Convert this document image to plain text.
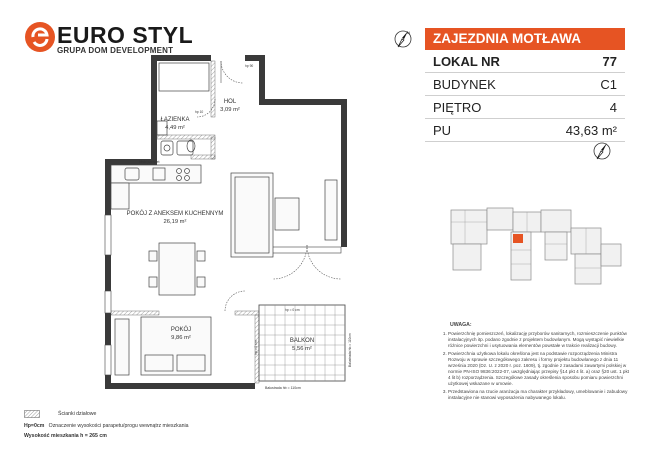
EURO STYL
GRUPA DOM DEVELOPMENT
N	ZAJEZDNIA MOTŁAWA
LOKAL NR	77
BUDYNEK	C1
PIĘTRO	4
PU	43,63 m²
UWAGA:
1. Powierzchnię pomieszczeń, lokalizację przyborów sanitarnych, rozmieszczenie punktów instalacyjnych itp. podano zgodnie z projektem budowlanym. Mogą wystąpić niewielkie różnice powierzchni i usytuowania elementów powstałe w trakcie realizacji budowy.
2. Powierzchnia użytkowa lokalu określona jest na podstawie rozporządzenia Ministra Rozwoju w sprawie szczegółowego zakresu i formy projektu budowlanego z dnia 11 września 2020 (Dz. U. z 2020 r. poz. 1609), tj. zgodnie z zasadami zawartymi polskiej w normie PN-ISO 9836:2022-07, uwzględniając przepisy §14 pkt 4 lit. a) oraz §20 ust. 1 pkt 4 lit b) rozporządzenia. Szczegółowe zasady określenia sposobu pomiaru powierzchni użytkowej wskazane w umowie.
3. Przedstawiona na rzucie aranżacja ma charakter przykładowy, umeblowanie i zabudowy instalacyjne nie stanowi wyposażenia nabywanego lokalu.
ŁAZIENKA
4,49 m²
HOL
3,09 m²
POKÓJ Z ANEKSEM KUCHENNYM
26,19 m²
POKÓJ
9,86 m²	BALKON
5,56 m²
Niski parapet
hp = 0 cm
hp 90
hp 10
hp = 0 cm
Balustrada hb = 110cm
Balustrada hb = 110cm
Ścianki działowe
Hp=0cm Oznaczenie wysokości parapetu/progu wewnątrz mieszkania
Wysokość mieszkania h = 265 cm
